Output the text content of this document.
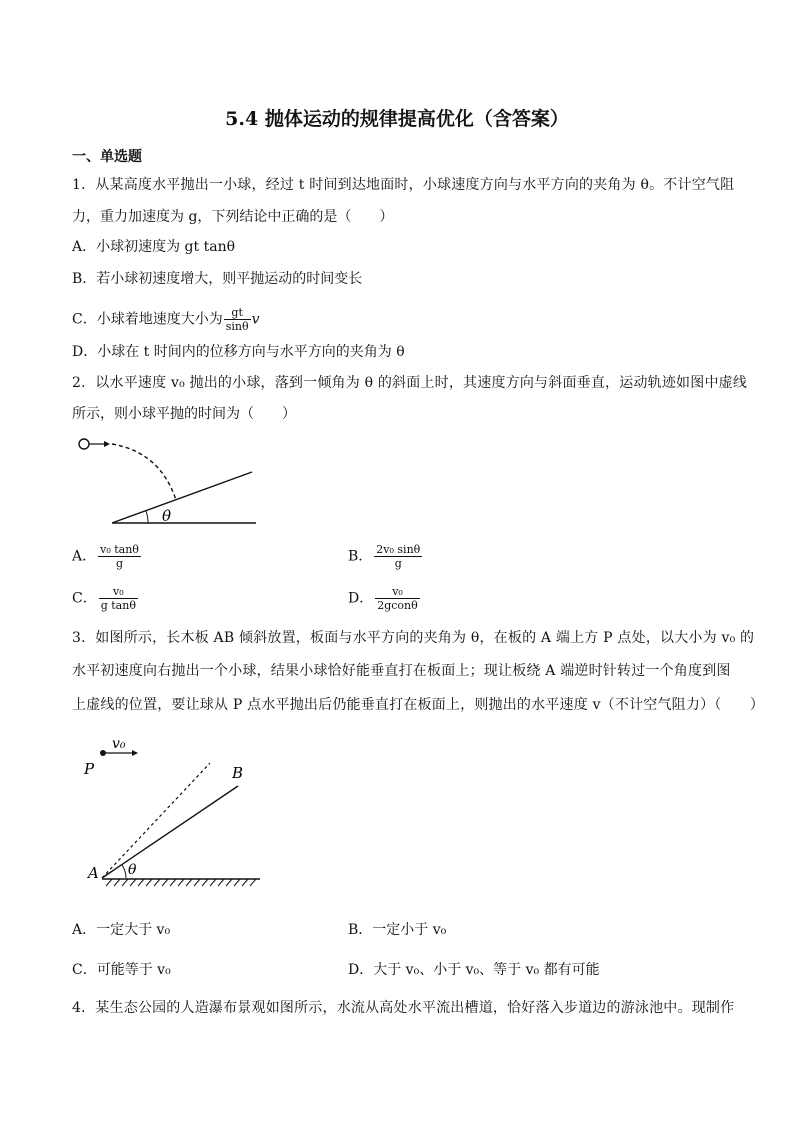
5.4 抛体运动的规律提高优化（含答案）
一、单选题
1．从某高度水平抛出一小球，经过 t 时间到达地面时，小球速度方向与水平方向的夹角为 θ。不计空气阻
力，重力加速度为 g，下列结论中正确的是（　　）
A．小球初速度为 gt tanθ
B．若小球初速度增大，则平抛运动的时间变长
C．小球着地速度大小为 $\frac{gt}{\sin\theta}$ v
D．小球在 t 时间内的位移方向与水平方向的夹角为 θ
2．以水平速度 v₀ 抛出的小球，落到一倾角为 θ 的斜面上时，其速度方向与斜面垂直，运动轨迹如图中虚线
所示，则小球平抛的时间为（　　）
θ
A． $\frac{\text{v₀ tanθ}}{g}$	B． $\frac{\text{2v₀ sinθ}}{g}$
C． $\frac{\text{v₀}}{\text{g tanθ}}$	D． $\frac{\text{v₀}}{\text{2gconθ}}$
3．如图所示，长木板 AB 倾斜放置，板面与水平方向的夹角为 θ，在板的 A 端上方 P 点处，以大小为 v₀ 的
水平初速度向右抛出一个小球，结果小球恰好能垂直打在板面上；现让板绕 A 端逆时针转过一个角度到图
上虚线的位置，要让球从 P 点水平抛出后仍能垂直打在板面上，则抛出的水平速度 v（不计空气阻力）（　　）
v₀
P	B
A θ
A．一定大于 v₀	B．一定小于 v₀
C．可能等于 v₀	D．大于 v₀、小于 v₀、等于 v₀ 都有可能
4．某生态公园的人造瀑布景观如图所示，水流从高处水平流出槽道，恰好落入步道边的游泳池中。现制作
